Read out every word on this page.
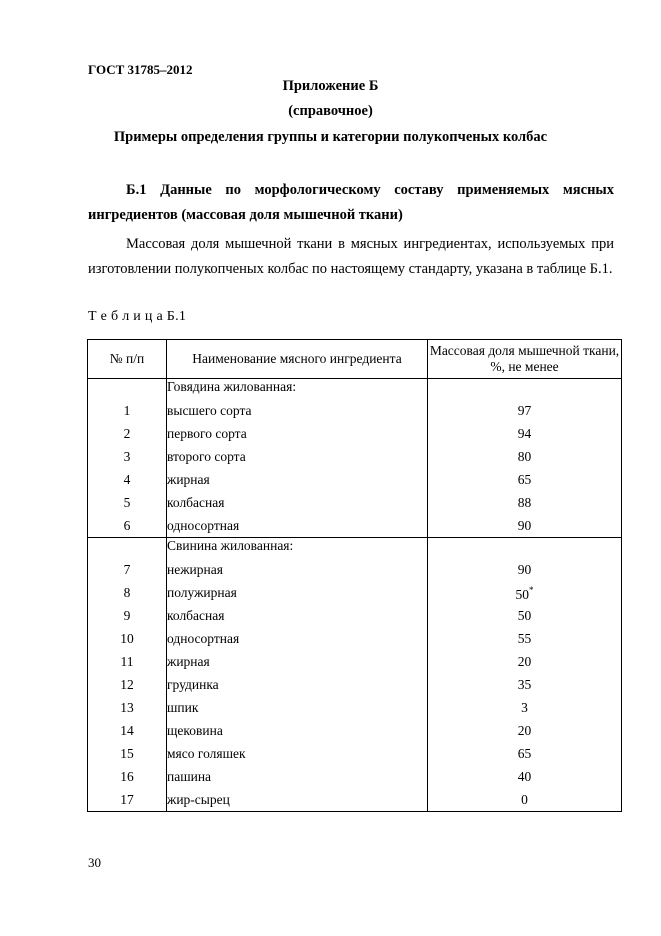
ГОСТ 31785–2012
Приложение Б
(справочное)
Примеры определения группы и категории полукопченых колбас
Б.1 Данные по морфологическому составу применяемых мясных ингредиентов (массовая доля мышечной ткани)
Массовая доля мышечной ткани в мясных ингредиентах, используемых при изготовлении полукопченых колбас по настоящему стандарту, указана в таблице Б.1.
Т е б л и ц а Б.1
№ п/п	Наименование мясного ингредиента	Массовая доля мышечной ткани, %, не менее
	Говядина жилованная:	
1	высшего сорта	97
2	первого сорта	94
3	второго сорта	80
4	жирная	65
5	колбасная	88
6	односортная	90
	Свинина жилованная:	
7	нежирная	90
8	полужирная	50*
9	колбасная	50
10	односортная	55
11	жирная	20
12	грудинка	35
13	шпик	3
14	щековина	20
15	мясо голяшек	65
16	пашина	40
17	жир-сырец	0
30
